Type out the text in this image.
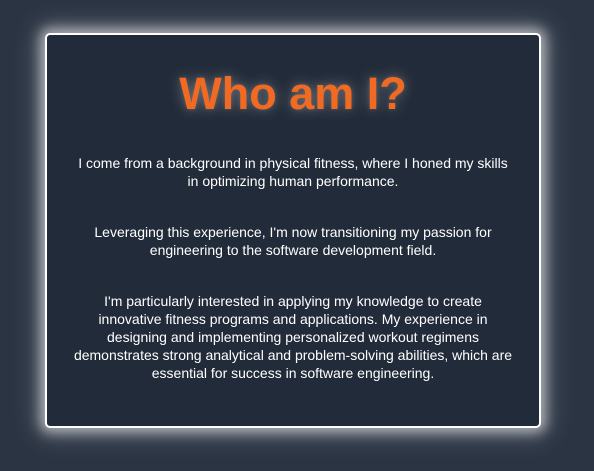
Who am I?

I come from a background in physical fitness, where I honed my skills in optimizing human performance.

Leveraging this experience, I'm now transitioning my passion for engineering to the software development field.

I'm particularly interested in applying my knowledge to create innovative fitness programs and applications. My experience in designing and implementing personalized workout regimens demonstrates strong analytical and problem-solving abilities, which are essential for success in software engineering.
